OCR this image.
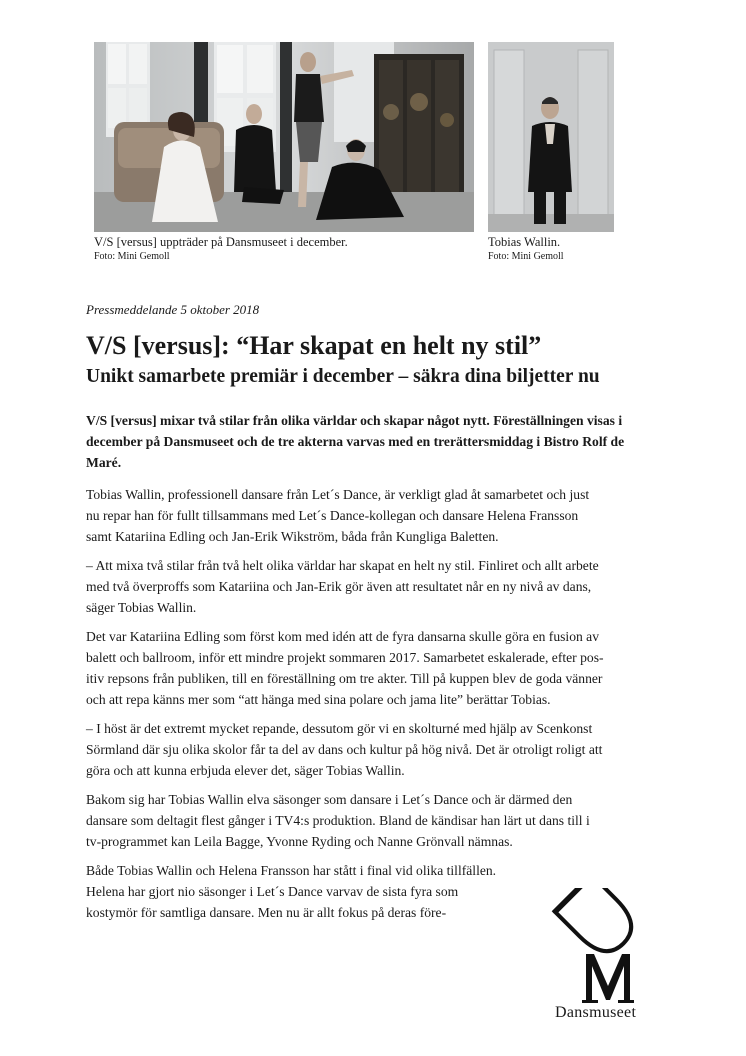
V/S [versus] uppträder på Dansmuseet i december.
Foto: Mini Gemoll
Tobias Wallin.
Foto: Mini Gemoll
Pressmeddelande 5 oktober 2018
V/S [versus]: “Har skapat en helt ny stil”
Unikt samarbete premiär i december – säkra dina biljetter nu
V/S [versus] mixar två stilar från olika världar och skapar något nytt. Föreställningen visas i december på Dansmuseet och de tre akterna varvas med en trerättersmiddag i Bistro Rolf de Maré.
Tobias Wallin, professionell dansare från Let´s Dance, är verkligt glad åt samarbetet och just
nu repar han för fullt tillsammans med Let´s Dance-kollegan och dansare Helena Fransson
samt Katariina Edling och Jan-Erik Wikström, båda från Kungliga Baletten.
– Att mixa två stilar från två helt olika världar har skapat en helt ny stil. Finliret och allt arbete
med två överproffs som Katariina och Jan-Erik gör även att resultatet når en ny nivå av dans,
säger Tobias Wallin.
Det var Katariina Edling som först kom med idén att de fyra dansarna skulle göra en fusion av
balett och ballroom, inför ett mindre projekt sommaren 2017. Samarbetet eskalerade, efter pos-
itiv repsons från publiken, till en föreställning om tre akter. Till på kuppen blev de goda vänner
och att repa känns mer som “att hänga med sina polare och jama lite” berättar Tobias.
– I höst är det extremt mycket repande, dessutom gör vi en skolturné med hjälp av Scenkonst
Sörmland där sju olika skolor får ta del av dans och kultur på hög nivå. Det är otroligt roligt att
göra och att kunna erbjuda elever det, säger Tobias Wallin.
Bakom sig har Tobias Wallin elva säsonger som dansare i Let´s Dance och är därmed den
dansare som deltagit flest gånger i TV4:s produktion. Bland de kändisar han lärt ut dans till i
tv-programmet kan Leila Bagge, Yvonne Ryding och Nanne Grönvall nämnas.
Både Tobias Wallin och Helena Fransson har stått i final vid olika tillfällen.
Helena har gjort nio säsonger i Let´s Dance varvav de sista fyra som
kostymör för samtliga dansare. Men nu är allt fokus på deras före-
Dansmuseet
